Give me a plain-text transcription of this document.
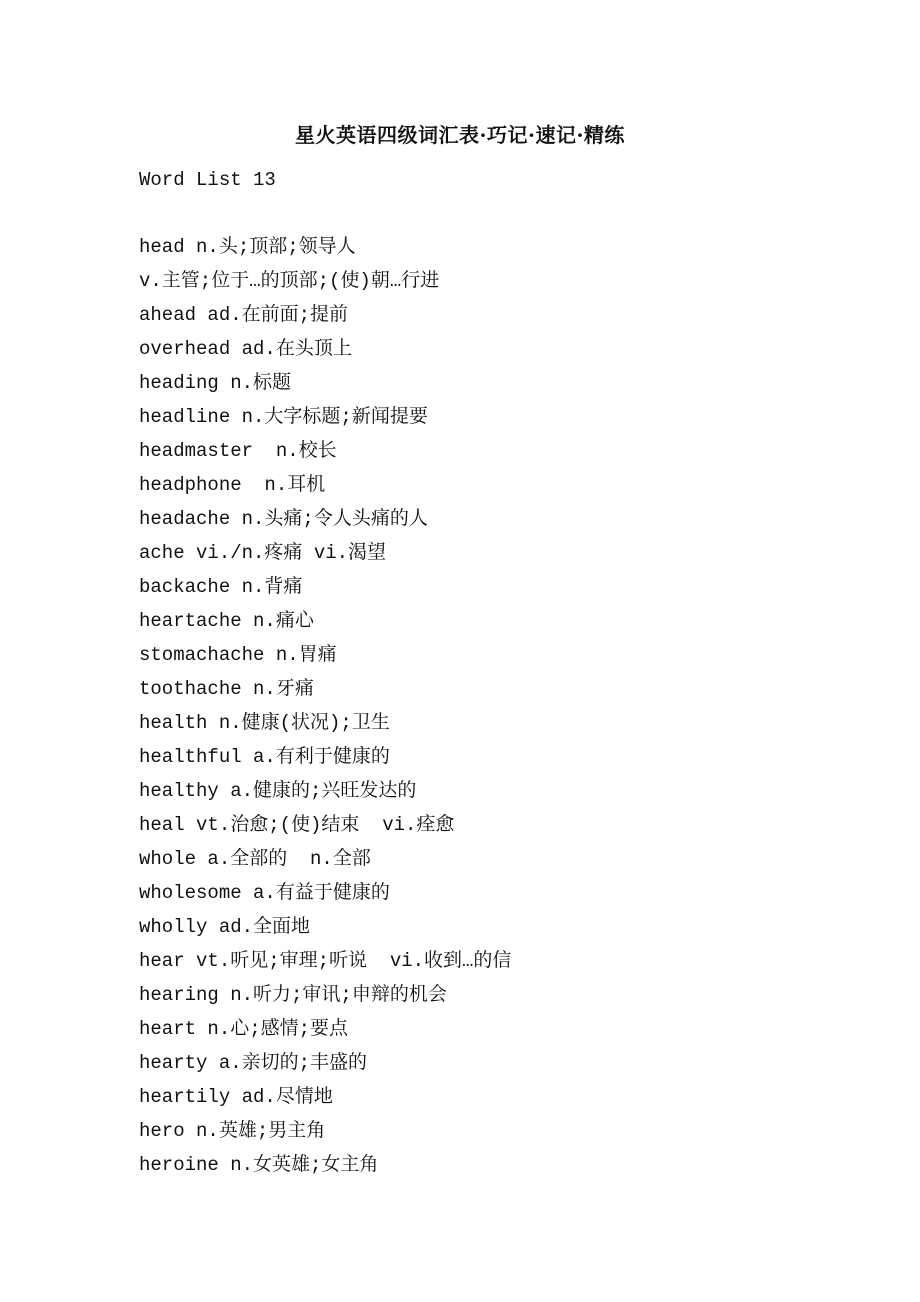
星火英语四级词汇表·巧记·速记·精练
Word List 13
head n.头;顶部;领导人
v.主管;位于…的顶部;(使)朝…行进
ahead ad.在前面;提前
overhead ad.在头顶上
heading n.标题
headline n.大字标题;新闻提要
headmaster  n.校长
headphone  n.耳机
headache n.头痛;令人头痛的人
ache vi./n.疼痛 vi.渴望
backache n.背痛
heartache n.痛心
stomachache n.胃痛
toothache n.牙痛
health n.健康(状况);卫生
healthful a.有利于健康的
healthy a.健康的;兴旺发达的
heal vt.治愈;(使)结束  vi.痊愈
whole a.全部的  n.全部
wholesome a.有益于健康的
wholly ad.全面地
hear vt.听见;审理;听说  vi.收到…的信
hearing n.听力;审讯;申辩的机会
heart n.心;感情;要点
hearty a.亲切的;丰盛的
heartily ad.尽情地
hero n.英雄;男主角
heroine n.女英雄;女主角
